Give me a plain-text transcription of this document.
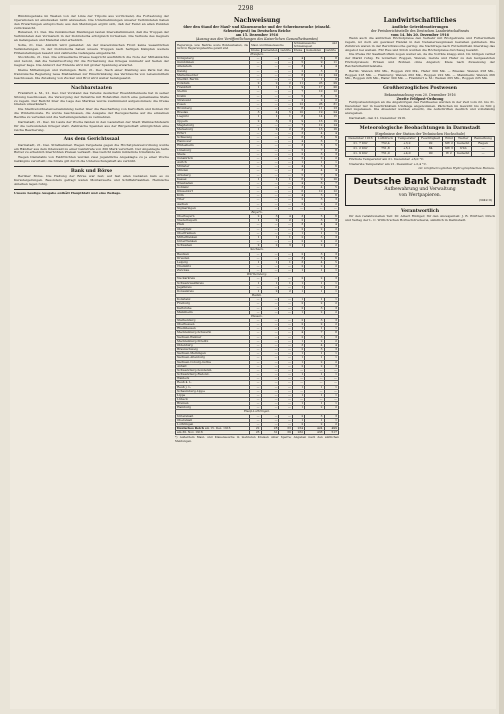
2298

Bündnisgebiete im Westen von der Linie der Tripolis aus vorrückend, die Fortsetzung der Operationen ist einstweilen nicht abzusehen. Die Unternehmungen unserer Verbündeten haben den Erwartungen entsprochen; aus den Meldungen ergibt sich, daß der Feind an allen Punkten zurückweicht.

Bukarest, 21. Dez. Die rumänischen Meldungen lauten übereinstimmend, daß die Truppen der Verbündeten den Vormarsch in der Dobrudscha erfolgreich fortsetzen. Die Verluste des Gegners an Gefangenen und Material sind erheblich.

Sofia, 21. Dez. Amtlich wird gemeldet: An der mazedonischen Front keine wesentlichen Veränderungen. In der Dobrudscha haben unsere Truppen nach heftigen Kämpfen weitere Höhenstellungen besetzt und zahlreiche Gefangene eingebracht.

Stockholm, 21. Dez. Die schwedische Presse bespricht ausführlich die Note der Mittelmächte und betont, daß die Verantwortung für die Fortsetzung des Krieges nunmehr auf Seiten der Gegner liege. Die Antwort der Entente wird mit großer Spannung erwartet.

Kleine Mitteilungen und Zeitungen. Bern, 21. Dez. Nach einer Meldung aus Paris hat die französische Regierung neue Maßnahmen zur Einschränkung des Verbrauchs von Lebensmitteln beschlossen. Die Zuteilung von Zucker und Brot wird weiter herabgesetzt.

Nachbarstaaten

Frankfurt a. M., 21. Dez. Der Vorstand des Vereins deutscher Eisenhüttenleute hat in seiner Sitzung beschlossen, die Versorgung der Industrie mit Rohstoffen durch eine gemeinsame Stelle zu regeln. Der Bericht über die Lage des Marktes wurde zustimmend aufgenommen; die Preise blieben unverändert.

Die Stadtverordnetenversammlung beriet über die Beschaffung von Kartoffeln und Kohlen für die Wintermonate. Es wurde beschlossen, die Ausgabe der Bezugsscheine auf die einzelnen Bezirke zu verteilen und die Verteilungsstellen zu vermehren.

Darmstadt, 21. Dez. Im Laufe der Woche fanden in den Lazaretten der Stadt Weihnachtsfeiern für die verwundeten Krieger statt. Zahlreiche Spenden aus der Bürgerschaft ermöglichten eine reiche Bescherung.

Aus dem Gerichtssaal

Darmstadt, 21. Dez. Strafkammer. Wegen Vergehens gegen die Höchstpreisverordnung wurde ein Händler aus dem Odenwald zu einer Geldstrafe von 300 Mark verurteilt. Der Angeklagte hatte Butter zu erheblich überhöhten Preisen verkauft. Das Gericht nahm mildernde Umstände an.

Wegen Diebstahls von Feldfrüchten wurden zwei jugendliche Angeklagte zu je einer Woche Gefängnis verurteilt; die Strafe gilt durch die Untersuchungshaft als verbüßt.

Bank und Börse

Berliner Börse. Die Haltung der Börse war fest; auf fast allen Gebieten kam es zu Kurssteigerungen. Besonders gefragt waren Montanwerte und Schiffahrtsaktien. Heimische Anleihen lagen ruhig.

Unsere heutige Ausgabe enthält Hauptblatt und eine Beilage.

Nachweisung
über den Stand der Maul- und Klauenseuche und der Schweineseuche (einschl. Schweinepest) im Deutschen Reiche
am 15. Dezember 1916
(Auszug aus den Veröffentlichungen des Kaiserlichen Gesundheitsamtes)
Regierungs- usw. Bezirke sowie Bundesstaaten, die nicht in Regierungsbezirke geteilt sind	Maul- und Klauenseuche			Schweineseuche und Schweinepest		
	Kreise	Gemeinden	Gehöfte	Kreise	Gemeinden	Gehöfte
Preußen.						
Königsberg	—	—	—	4	6	8
Gumbinnen	—	—	—	5	9	11
Allenstein	—	—	—	3	4	4
Danzig	—	—	—	2	3	3
Marienwerder	—	—	—	6	12	14
Stadtkr. Berlin	—	—	—	1	1	2
Potsdam	2	2	2	11	23	29
Frankfurt	1	1	1	9	17	20
Stettin	—	—	—	7	10	12
Köslin	—	—	—	5	8	9
Stralsund	—	—	—	2	2	2
Posen	—	—	—	12	26	31
Bromberg	—	—	—	6	11	13
Breslau	3	4	5	10	19	24
Liegnitz	1	1	1	8	14	15
Oppeln	2	3	3	9	16	19
Magdeburg	—	—	—	7	12	14
Merseburg	1	2	2	8	13	16
Erfurt	—	—	—	3	4	4
Schleswig	—	—	—	6	8	9
Hannover	—	—	—	4	6	7
Hildesheim	—	—	—	3	5	5
Lüneburg	—	—	—	5	7	8
Stade	—	—	—	2	3	3
Osnabrück	—	—	—	2	2	2
Aurich	—	—	—	1	1	1
Münster	—	—	—	4	5	6
Minden	—	—	—	3	4	4
Arnsberg	—	—	—	5	7	9
Kassel	1	1	1	6	9	10
Wiesbaden	—	—	—	4	6	7
Koblenz	—	—	—	3	4	5
Düsseldorf	—	—	—	6	10	12
Köln	—	—	—	4	5	6
Trier	—	—	—	2	3	3
Aachen	—	—	—	2	2	2
Sigmaringen	—	—	—	—	—	—
Bayern.						
Oberbayern	2	3	4	3	5	6
Niederbayern	1	2	2	2	3	3
Pfalz	—	—	—	3	4	4
Oberpfalz	—	—	—	2	2	2
Oberfranken	—	—	—	1	1	1
Mittelfranken	1	1	1	2	3	3
Unterfranken	—	—	—	2	2	2
Schwaben	2	2	3	1	2	2
Sachsen.						
Bautzen	—	—	—	2	3	3
Dresden	—	—	—	3	5	6
Leipzig	1	1	1	3	4	5
Chemnitz	—	—	—	2	2	2
Zwickau	—	—	—	1	1	1
Württemberg.						
Neckarkreis	—	—	—	2	2	3
Schwarzwaldkreis	1	1	1	1	1	1
Jagstkreis	—	—	—	1	2	2
Donaukreis	1	2	2	1	1	1
Baden.						
Konstanz	—	—	—	1	1	1
Freiburg	—	—	—	2	2	2
Karlsruhe	—	—	—	2	3	3
Mannheim	—	—	—	1	2	2
Hessen.						
Starkenburg	—	—	—	2	3	3
Oberhessen	—	—	—	2	2	2
Rheinhessen	—	—	—	1	1	1
Mecklenburg-Schwerin	—	—	—	4	7	8
Sachsen-Weimar	—	—	—	2	3	3
Mecklenburg-Strelitz	—	—	—	1	2	2
Oldenburg	—	—	—	3	4	4
Braunschweig	—	—	—	2	3	3
Sachsen-Meiningen	—	—	—	1	1	1
Sachsen-Altenburg	—	—	—	1	1	1
Sachsen-Coburg-Gotha	—	—	—	1	2	2
Anhalt	—	—	—	2	2	3
Schwarzburg-Sondersh.	—	—	—	—	—	—
Schwarzburg-Rudolst.	—	—	—	1	1	1
Waldeck	—	—	—	—	—	—
Reuß ä. L.	—	—	—	—	—	—
Reuß j. L.	—	—	—	1	1	1
Schaumburg-Lippe	—	—	—	—	—	—
Lippe	—	—	—	1	1	1
Lübeck	—	—	—	—	—	—
Bremen	—	—	—	1	1	1
Hamburg	—	—	—	1	2	2
Elsaß-Lothringen.						
Unterelsaß	—	—	—	2	3	3
Oberelsaß	—	—	—	1	1	1
Lothringen	—	—	—	2	2	2
Deutsches Reich am 15. Dez. 1916	22	28	33	254	424	499
am 30. Nov. 1916	25	31	39	262	438	517
*) Außerdem Maul- und Klauenseuche in mehreren Kreisen unter Sperre; Angaben nach den amtlichen Meldungen.
Landwirtschaftliches
Amtliche Getreidenotierungen
der Preisberichtsstelle des Deutschen Landwirtschaftsrats
vom 14. bis 20. Dezember 1916

Wenn auch die amtlichen Höchstpreise den Verkehr mit Brotgetreide und Futtermitteln regeln, ist doch ein gewisser Handel in den Nebenerzeugnissen bestehen geblieben. Die Zufuhren waren in der Berichtswoche gering; die Nachfrage nach Futtermitteln überstieg das Angebot bei weitem. Für Heu und Stroh wurden die Höchstpreise durchweg bezahlt.

Die Preise für Saatkartoffeln zogen weiter an, da die Vorräte knapp sind. Im übrigen verlief der Markt ruhig. Es notierten: Roggen, Weizen, Gerste und Hafer zu den festgesetzten Höchstpreisen; Erbsen und Bohnen ohne Angebot; Kleie nach Zuweisung der Reichsfuttermittelstelle.

Berlin: Weizen 260 Mk., Roggen 220 Mk., Hafer 300 Mk. — Breslau: Weizen 258 Mk., Roggen 218 Mk. — Hamburg: Weizen 262 Mk., Roggen 222 Mk. — Mannheim: Weizen 266 Mk., Roggen 226 Mk., Hafer 300 Mk. — Frankfurt a. M.: Weizen 265 Mk., Roggen 225 Mk.

Großherzogliches Postwesen
Bekanntmachung vom 20. Dezember 1916
Zweite Feldpost-Ordnung

Feldpostsendungen an die Angehörigen des Feldheeres werden in der Zeit vom 22. bis 31. Dezember nur in beschränktem Umfange angenommen. Päckchen im Gewicht bis zu 500 g sind zugelassen. Die Absender werden ersucht, die Aufschriften deutlich und vollständig anzugeben.

Darmstadt, den 21. Dezember 1916.

Meteorologische Beobachtungen in Darmstadt
(Ergebnisse der Station der Technischen Hochschule)
Dezember 1916	Luftdruck	Temperatur	Feuchtigkeit	Wind	Wetter	Bemerkung
21. 7 Uhr	752,4	+3,2	92	SW 2	bedeckt	Regen
21. 2 Uhr	751,8	+5,1	84	SW 3	trüb	—
21. 9 Uhr	751,0	+4,0	90	W 2	bedeckt	—

Höchste Temperatur am 21. Dezember +6,0 °C.

Niederste Temperatur am 21. Dezember +2,4 °C.

Gr. Großherzogliches Hydrographisches Bureau.

Deutsche Bank Darmstadt
Aufbewahrung und Verwaltung
von Wertpapieren.
(3049 II)
Verantwortlich

für den redaktionellen Teil: Dr. Albert Rüdiger; für den Anzeigenteil: J. B. Würtner; Druck und Verlag der L. C. Wittich'schen Hofbuchdruckerei, sämtlich in Darmstadt.
